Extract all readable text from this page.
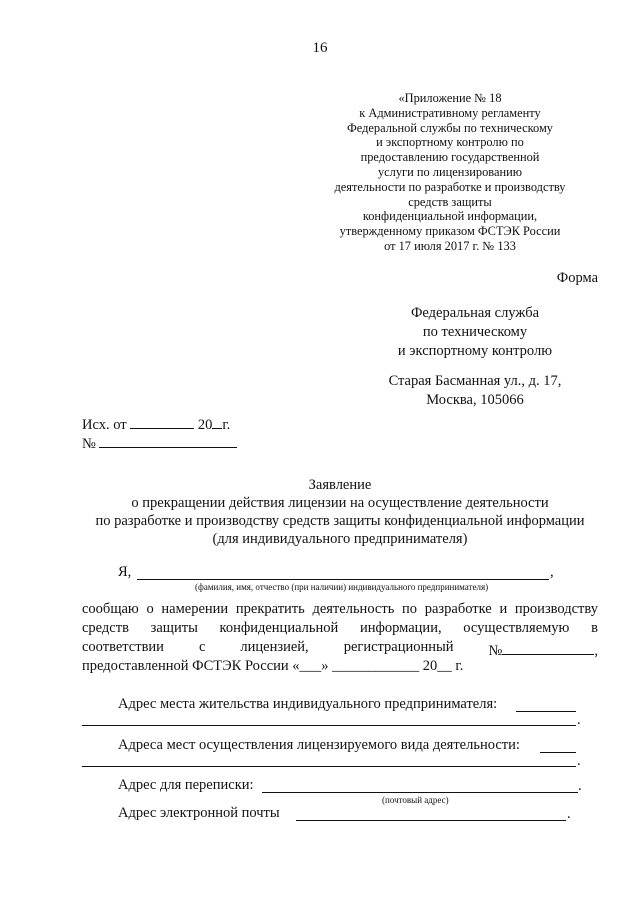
16
«Приложение № 18
к Административному регламенту
Федеральной службы по техническому
и экспортному контролю по
предоставлению государственной
услуги по лицензированию
деятельности по разработке и производству
средств защиты
конфиденциальной информации,
утвержденному приказом ФСТЭК России
от 17 июля 2017 г. № 133
Форма
Федеральная служба
по техническому
и экспортному контролю
Старая Басманная ул., д. 17,
Москва, 105066
Исх. от	20 г.
№
Заявление
о прекращении действия лицензии на осуществление деятельности
по разработке и производству средств защиты конфиденциальной информации
(для индивидуального предпринимателя)
Я,	,
(фамилия, имя, отчество (при наличии) индивидуального предпринимателя)
сообщаю о намерении прекратить деятельность по разработке и производству
средств защиты конфиденциальной информации, осуществляемую в
соответствии с лицензией, регистрационный №	,
предоставленной ФСТЭК России «___» ____________ 20__ г.
Адрес места жительства индивидуального предпринимателя:
.
Адреса мест осуществления лицензируемого вида деятельности:
.
Адрес для переписки:	.
(почтовый адрес)
Адрес электронной почты	.
